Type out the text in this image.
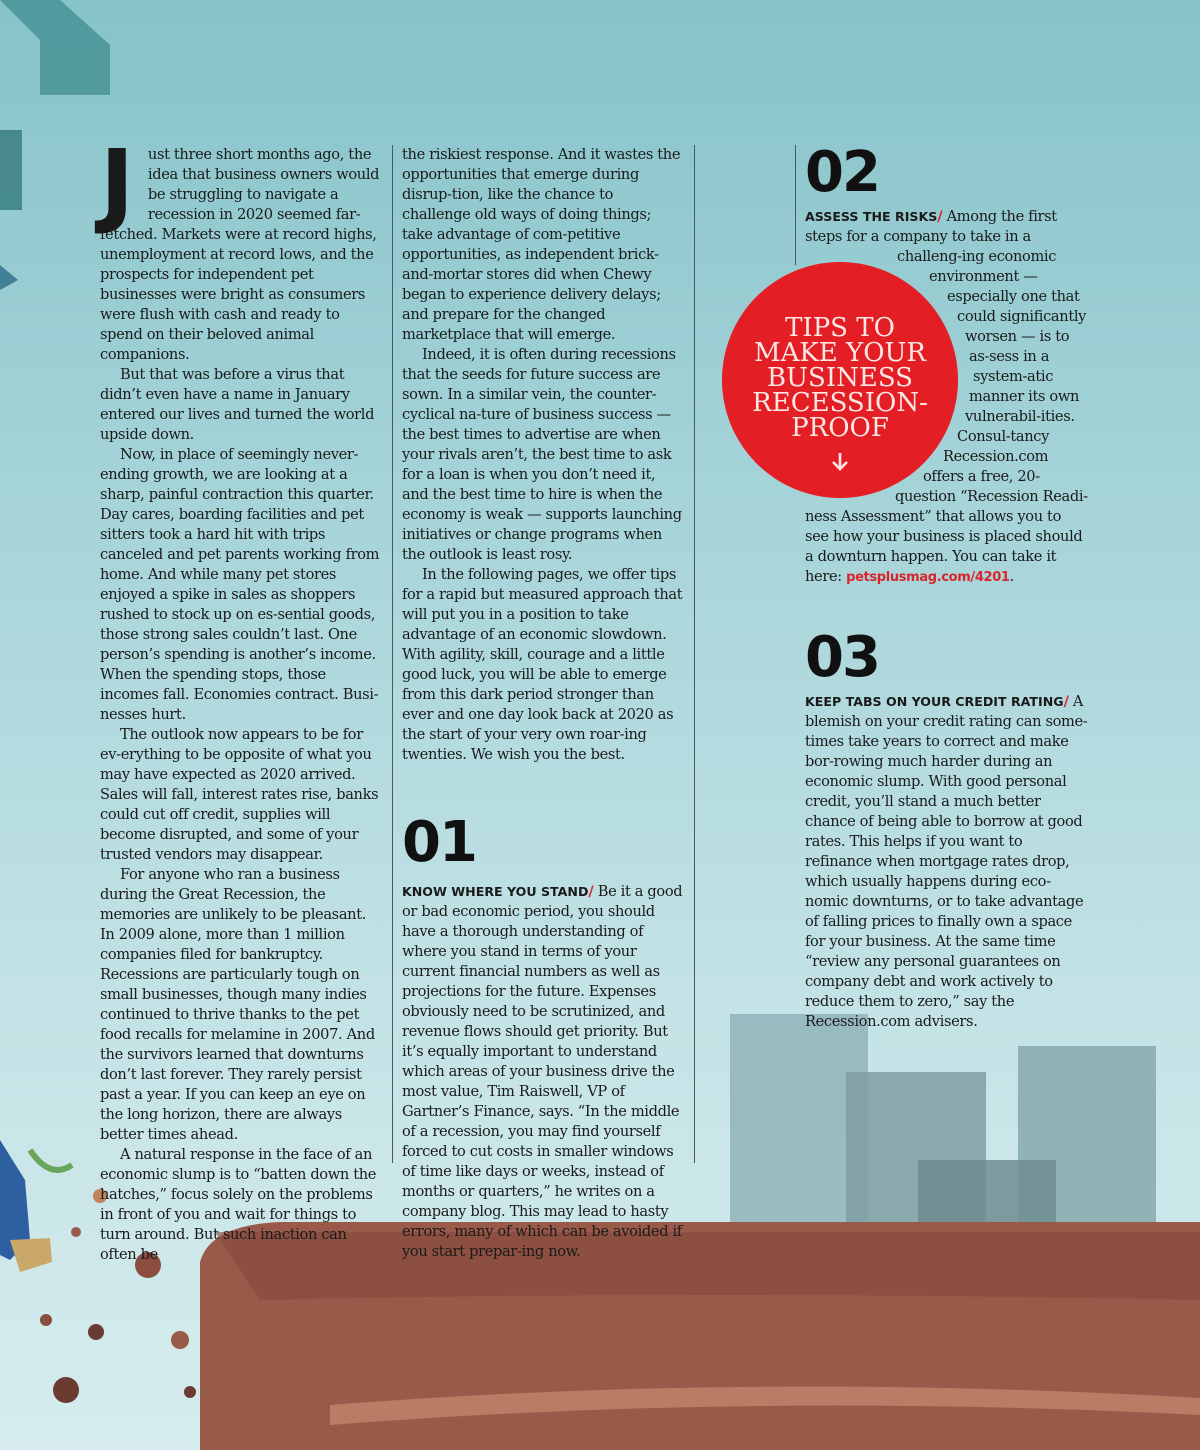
J ust three short months ago, the idea that business owners would be struggling to navigate a recession in 2020 seemed far-fetched. Markets were at record highs, unemployment at record lows, and the prospects for independent pet businesses were bright as consumers were flush with cash and ready to spend on their beloved animal companions.

But that was before a virus that didn’t even have a name in January entered our lives and turned the world upside down.

Now, in place of seemingly never-ending growth, we are looking at a sharp, painful contraction this quarter. Day cares, boarding facilities and pet sitters took a hard hit with trips canceled and pet parents working from home. And while many pet stores enjoyed a spike in sales as shoppers rushed to stock up on es-sential goods, those strong sales couldn’t last. One person’s spending is another’s income. When the spending stops, those incomes fall. Economies contract. Busi-nesses hurt.

The outlook now appears to be for ev-erything to be opposite of what you may have expected as 2020 arrived. Sales will fall, interest rates rise, banks could cut off credit, supplies will become disrupted, and some of your trusted vendors may disappear.

For anyone who ran a business during the Great Recession, the memories are unlikely to be pleasant. In 2009 alone, more than 1 million companies filed for bankruptcy. Recessions are particularly tough on small businesses, though many indies continued to thrive thanks to the pet food recalls for melamine in 2007. And the survivors learned that downturns don’t last forever. They rarely persist past a year. If you can keep an eye on the long horizon, there are always better times ahead.

A natural response in the face of an economic slump is to “batten down the hatches,” focus solely on the problems in front of you and wait for things to turn around. But such inaction can often be

the riskiest response. And it wastes the opportunities that emerge during disrup-tion, like the chance to challenge old ways of doing things; take advantage of com-petitive opportunities, as independent brick-and-mortar stores did when Chewy began to experience delivery delays; and prepare for the changed marketplace that will emerge.

Indeed, it is often during recessions that the seeds for future success are sown. In a similar vein, the counter-cyclical na-ture of business success — the best times to advertise are when your rivals aren’t, the best time to ask for a loan is when you don’t need it, and the best time to hire is when the economy is weak — supports launching initiatives or change programs when the outlook is least rosy.

In the following pages, we offer tips for a rapid but measured approach that will put you in a position to take advantage of an economic slowdown. With agility, skill, courage and a little good luck, you will be able to emerge from this dark period stronger than ever and one day look back at 2020 as the start of your very own roar-ing twenties. We wish you the best.

01

KNOW WHERE YOU STAND/ Be it a good or bad economic period, you should have a thorough understanding of where you stand in terms of your current financial numbers as well as projections for the future. Expenses obviously need to be scrutinized, and revenue flows should get priority. But it’s equally important to understand which areas of your business drive the most value, Tim Raiswell, VP of Gartner’s Finance, says. “In the middle of a recession, you may find yourself forced to cut costs in smaller windows of time like days or weeks, instead of months or quarters,” he writes on a company blog. This may lead to hasty errors, many of which can be avoided if you start prepar-ing now.

02

ASSESS THE RISKS/ Among the first steps for a company to take in a challeng-ing economic environment — especially one that could significantly worsen — is to as-sess in a system-atic manner its own vulnerabil-ities. Consul-tancy Recession.com offers a free, 20-question “Recession Readi-ness Assessment” that allows you to see how your business is placed should a downturn happen. You can take it here: petsplusmag.com/4201.

03

KEEP TABS ON YOUR CREDIT RATING/ A blemish on your credit rating can some-times take years to correct and make bor-rowing much harder during an economic slump. With good personal credit, you’ll stand a much better chance of being able to borrow at good rates. This helps if you want to refinance when mortgage rates drop, which usually happens during eco-nomic downturns, or to take advantage of falling prices to finally own a space for your business. At the same time “review any personal guarantees on company debt and work actively to reduce them to zero,” say the Recession.com advisers.

TIPS TO
MAKE YOUR
BUSINESS
RECESSION-
PROOF
